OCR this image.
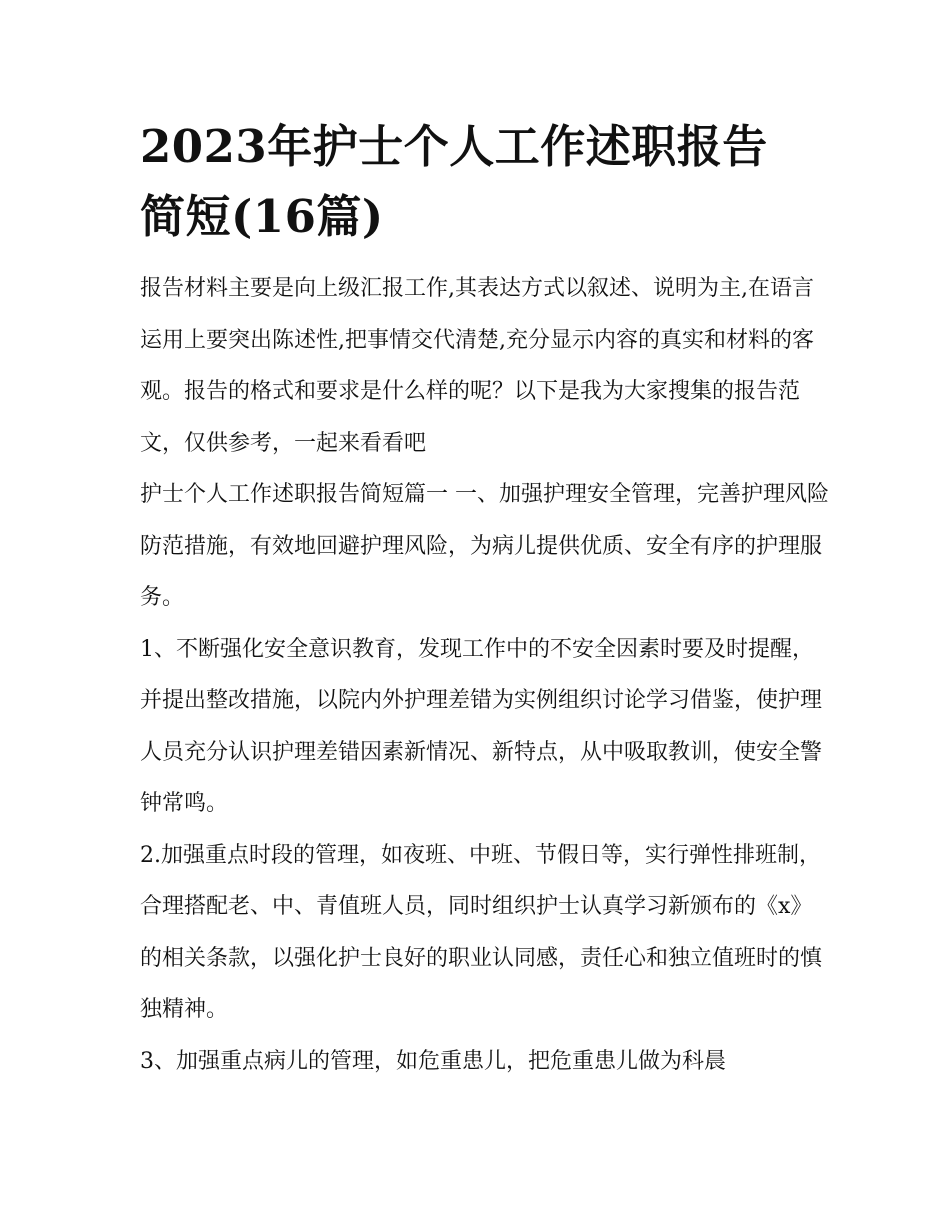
2023年护士个人工作述职报告
简短(16篇)

报告材料主要是向上级汇报工作,其表达方式以叙述、说明为主,在语言运用上要突出陈述性,把事情交代清楚,充分显示内容的真实和材料的客观。报告的格式和要求是什么样的呢？以下是我为大家搜集的报告范文，仅供参考，一起来看看吧

护士个人工作述职报告简短篇一 一、加强护理安全管理，完善护理风险防范措施，有效地回避护理风险，为病儿提供优质、安全有序的护理服务。

1、不断强化安全意识教育，发现工作中的不安全因素时要及时提醒，并提出整改措施，以院内外护理差错为实例组织讨论学习借鉴，使护理人员充分认识护理差错因素新情况、新特点，从中吸取教训，使安全警钟常鸣。

2.加强重点时段的管理，如夜班、中班、节假日等，实行弹性排班制，合理搭配老、中、青值班人员，同时组织护士认真学习新颁布的《x》的相关条款，以强化护士良好的职业认同感，责任心和独立值班时的慎独精神。

3、加强重点病儿的管理，如危重患儿，把危重患儿做为科晨
